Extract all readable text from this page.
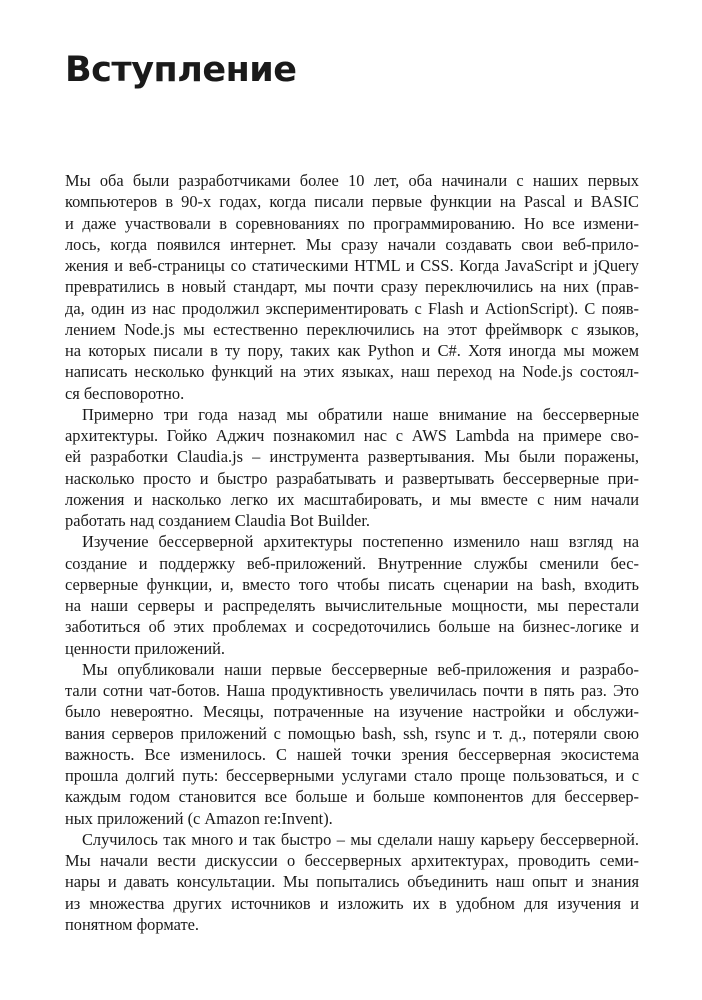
Вступление

Мы оба были разработчиками более 10 лет, оба начинали с наших первых
компьютеров в 90-х годах, когда писали первые функции на Pascal и BASIC
и даже участвовали в соревнованиях по программированию. Но все измени-
лось, когда появился интернет. Мы сразу начали создавать свои веб-прило-
жения и веб-страницы со статическими HTML и CSS. Когда JavaScript и jQuery
превратились в новый стандарт, мы почти сразу переключились на них (прав-
да, один из нас продолжил экспериментировать с Flash и ActionScript). С появ-
лением Node.js мы естественно переключились на этот фреймворк с языков,
на которых писали в ту пору, таких как Python и C#. Хотя иногда мы можем
написать несколько функций на этих языках, наш переход на Node.js состоял-
ся бесповоротно.

Примерно три года назад мы обратили наше внимание на бессерверные
архитектуры. Гойко Аджич познакомил нас с AWS Lambda на примере сво-
ей разработки Claudia.js – инструмента развертывания. Мы были поражены,
насколько просто и быстро разрабатывать и развертывать бессерверные при-
ложения и насколько легко их масштабировать, и мы вместе с ним начали
работать над созданием Claudia Bot Builder.

Изучение бессерверной архитектуры постепенно изменило наш взгляд на
создание и поддержку веб-приложений. Внутренние службы сменили бес-
серверные функции, и, вместо того чтобы писать сценарии на bash, входить
на наши серверы и распределять вычислительные мощности, мы перестали
заботиться об этих проблемах и сосредоточились больше на бизнес-логике и
ценности приложений.

Мы опубликовали наши первые бессерверные веб-приложения и разрабо-
тали сотни чат-ботов. Наша продуктивность увеличилась почти в пять раз. Это
было невероятно. Месяцы, потраченные на изучение настройки и обслужи-
вания серверов приложений с помощью bash, ssh, rsync и т. д., потеряли свою
важность. Все изменилось. С нашей точки зрения бессерверная экосистема
прошла долгий путь: бессерверными услугами стало проще пользоваться, и с
каждым годом становится все больше и больше компонентов для бессервер-
ных приложений (с Amazon re:Invent).

Случилось так много и так быстро – мы сделали нашу карьеру бессерверной.
Мы начали вести дискуссии о бессерверных архитектурах, проводить семи-
нары и давать консультации. Мы попытались объединить наш опыт и знания
из множества других источников и изложить их в удобном для изучения и
понятном формате.
